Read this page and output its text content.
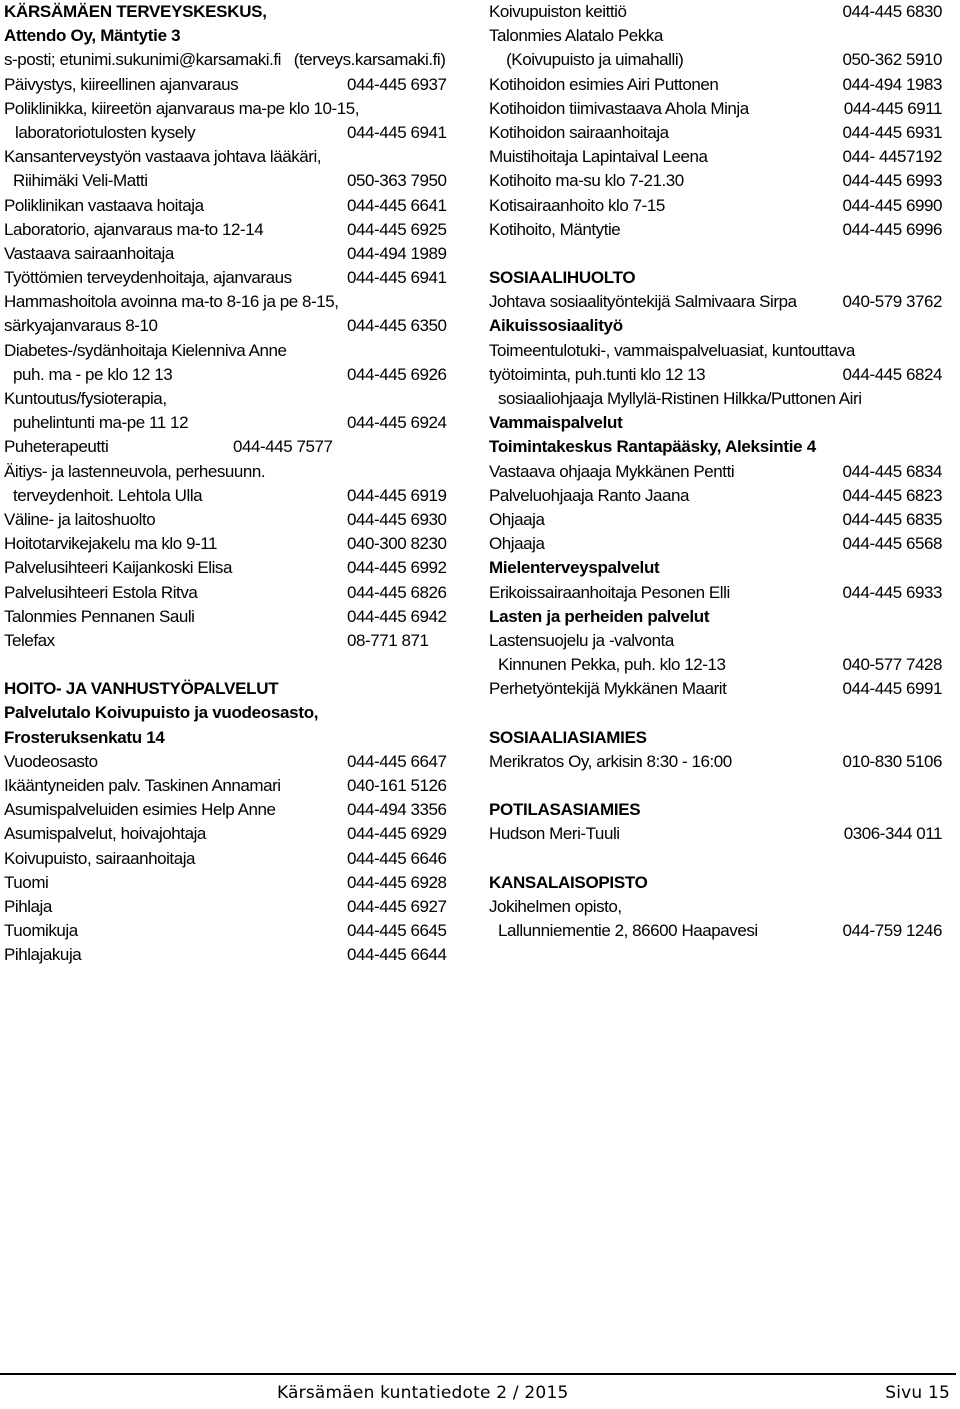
KÄRSÄMÄEN TERVEYSKESKUS,
Attendo Oy, Mäntytie 3
s-posti; etunimi.sukunimi@karsamaki.fi   (terveys.karsamaki.fi)
Päivystys, kiireellinen ajanvaraus	044-445 6937
Poliklinikka, kiireetön ajanvaraus ma-pe klo 10-15,
laboratoriotulosten kysely	044-445 6941
Kansanterveystyön vastaava johtava lääkäri,
Riihimäki Veli-Matti	050-363 7950
Poliklinikan vastaava hoitaja	044-445 6641
Laboratorio, ajanvaraus ma-to 12-14	044-445 6925
Vastaava sairaanhoitaja	044-494 1989
Työttömien terveydenhoitaja, ajanvaraus	044-445 6941
Hammashoitola avoinna ma-to 8-16 ja pe 8-15,
särkyajanvaraus 8-10	044-445 6350
Diabetes-/sydänhoitaja Kielenniva Anne
puh. ma - pe klo 12 13	044-445 6926
Kuntoutus/fysioterapia,
puhelintunti ma-pe 11 12	044-445 6924
Puheterapeutti	044-445 7577
Äitiys- ja lastenneuvola, perhesuunn.
terveydenhoit. Lehtola Ulla	044-445 6919
Väline- ja laitoshuolto	044-445 6930
Hoitotarvikejakelu ma klo 9-11	040-300 8230
Palvelusihteeri Kaijankoski Elisa	044-445 6992
Palvelusihteeri Estola Ritva	044-445 6826
Talonmies Pennanen Sauli	044-445 6942
Telefax	08-771 871
HOITO- JA VANHUSTYÖPALVELUT
Palvelutalo Koivupuisto ja vuodeosasto,
Frosteruksenkatu 14
Vuodeosasto	044-445 6647
Ikääntyneiden palv. Taskinen Annamari	040-161 5126
Asumispalveluiden esimies Help Anne	044-494 3356
Asumispalvelut, hoivajohtaja	044-445 6929
Koivupuisto, sairaanhoitaja	044-445 6646
Tuomi	044-445 6928
Pihlaja	044-445 6927
Tuomikuja	044-445 6645
Pihlajakuja	044-445 6644
Koivupuiston keittiö	044-445 6830
Talonmies Alatalo Pekka
(Koivupuisto ja uimahalli)	050-362 5910
Kotihoidon esimies Airi Puttonen	044-494 1983
Kotihoidon tiimivastaava Ahola Minja	044-445 6911
Kotihoidon sairaanhoitaja	044-445 6931
Muistihoitaja Lapintaival Leena	044- 4457192
Kotihoito ma-su klo 7-21.30	044-445 6993
Kotisairaanhoito klo 7-15	044-445 6990
Kotihoito, Mäntytie	044-445 6996
SOSIAALIHUOLTO
Johtava sosiaalityöntekijä Salmivaara Sirpa	040-579 3762
Aikuissosiaalityö
Toimeentulotuki-, vammaispalveluasiat, kuntouttava
työtoiminta, puh.tunti klo 12 13	044-445 6824
sosiaaliohjaaja Myllylä-Ristinen Hilkka/Puttonen Airi
Vammaispalvelut
Toimintakeskus Rantapääsky, Aleksintie 4
Vastaava ohjaaja Mykkänen Pentti	044-445 6834
Palveluohjaaja Ranto Jaana	044-445 6823
Ohjaaja	044-445 6835
Ohjaaja	044-445 6568
Mielenterveyspalvelut
Erikoissairaanhoitaja Pesonen Elli	044-445 6933
Lasten ja perheiden palvelut
Lastensuojelu ja -valvonta
Kinnunen Pekka, puh. klo 12-13	040-577 7428
Perhetyöntekijä Mykkänen Maarit	044-445 6991
SOSIAALIASIAMIES
Merikratos Oy, arkisin 8:30 - 16:00	010-830 5106
POTILASASIAMIES
Hudson Meri-Tuuli	0306-344 011
KANSALAISOPISTO
Jokihelmen opisto,
Lallunniementie 2, 86600 Haapavesi	044-759 1246
Kärsämäen kuntatiedote 2 / 2015	Sivu 15
